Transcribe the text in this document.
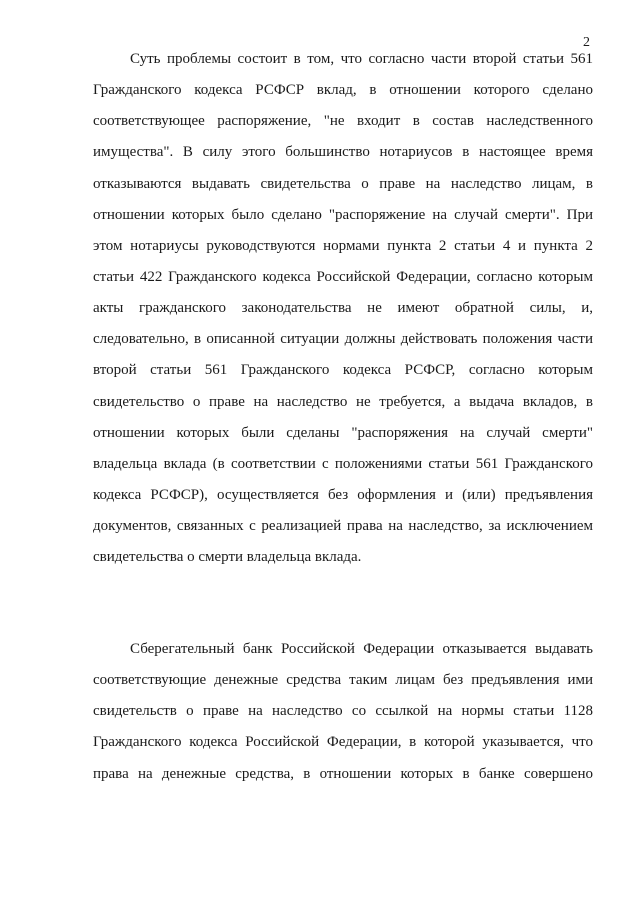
2
Суть проблемы состоит в том, что согласно части второй статьи 561
Гражданского кодекса РСФСР вклад, в отношении которого сделано
соответствующее распоряжение, "не входит в состав наследственного
имущества". В силу этого большинство нотариусов в настоящее время
отказываются выдавать свидетельства о праве на наследство лицам, в
отношении которых было сделано "распоряжение на случай смерти". При
этом нотариусы руководствуются нормами пункта 2 статьи 4 и пункта 2
статьи 422 Гражданского кодекса Российской Федерации, согласно которым
акты гражданского законодательства не имеют обратной силы, и,
следовательно, в описанной ситуации должны действовать положения части
второй статьи 561 Гражданского кодекса РСФСР, согласно которым
свидетельство о праве на наследство не требуется, а выдача вкладов, в
отношении которых были сделаны "распоряжения на случай смерти"
владельца вклада (в соответствии с положениями статьи 561 Гражданского
кодекса РСФСР), осуществляется без оформления и (или) предъявления
документов, связанных с реализацией права на наследство, за исключением
свидетельства о смерти владельца вклада.
Сберегательный банк Российской Федерации отказывается выдавать
соответствующие денежные средства таким лицам без предъявления ими
свидетельств о праве на наследство со ссылкой на нормы статьи 1128
Гражданского кодекса Российской Федерации, в которой указывается, что
права на денежные средства, в отношении которых в банке совершено
